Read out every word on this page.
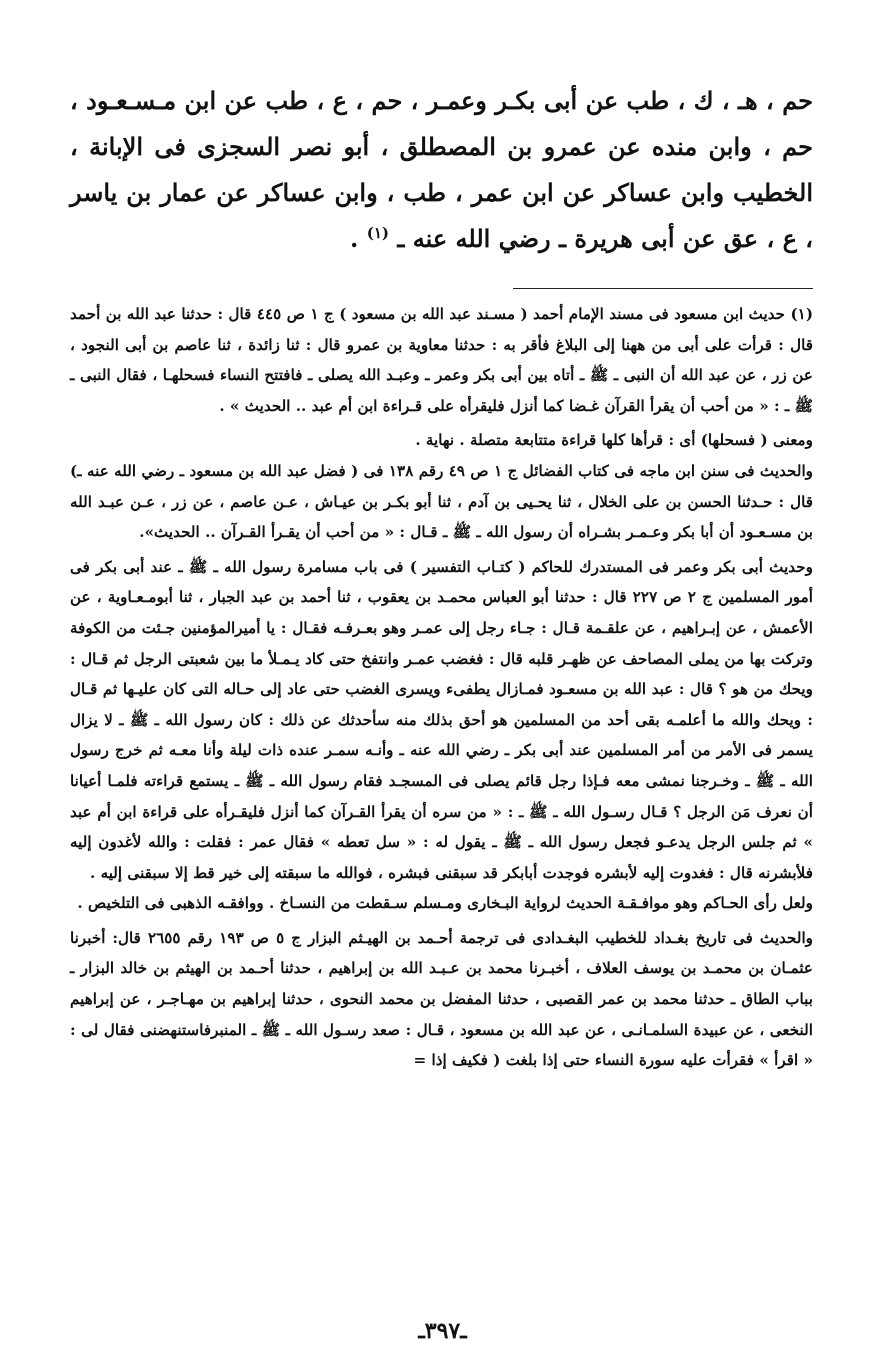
حم ، هـ ، ك ، طب عن أبى بكـر وعمـر ، حم ، ع ، طب عن ابن مـسـعـود ، حم ، وابن منده عن عمرو بن المصطلق ، أبو نصر السجزى فى الإبانة ، الخطيب وابن عساكر عن ابن عمر ، طب ، وابن عساكر عن عمار بن ياسر ، ع ، عق عن أبى هريرة ـ رضي الله عنه ـ $^{(١)}$ .

(١) حديث ابن مسعود فى مسند الإمام أحمد ( مسـند عبد الله بن مسعود ) ج ١ ص ٤٤٥ قال : حدثنا عبد الله بن أحمد قال : قرأت على أبى من ههنا إلى البلاغ فأقر به : حدثنا معاوية بن عمرو قال : ثنا زائدة ، ثنا عاصم بن أبى النجود ، عن زر ، عن عبد الله أن النبى ـ ﷺ ـ أتاه بين أبى بكر وعمر ـ وعبـد الله يصلى ـ فافتتح النساء فسحلهـا ، فقال النبى ـ ﷺ ـ : « من أحب أن يقرأ القرآن غـضا كما أنزل فليقرأه على قـراءة ابن أم عبد .. الحديث » .

ومعنى ( فسحلها) أى : قرأها كلها قراءة متتابعة متصلة . نهاية .

والحديث فى سنن ابن ماجه فى كتاب الفضائل ج ١ ص ٤٩ رقم ١٣٨ فى ( فضل عبد الله بن مسعود ـ رضي الله عنه ـ) قال : حـدثنا الحسن بن على الخلال ، ثنا يحـيى بن آدم ، ثنا أبو بكـر بن عيـاش ، عـن عاصم ، عن زر ، عـن عبـد الله بن مسـعـود أن أبا بكر وعـمـر بشـراه أن رسول الله ـ ﷺ ـ قـال : « من أحب أن يقـرأ القـرآن .. الحديث».

وحديث أبى بكر وعمر فى المستدرك للحاكم ( كتـاب التفسير ) فى باب مسامرة رسول الله ـ ﷺ ـ عند أبى بكر فى أمور المسلمين ج ٢ ص ٢٢٧ قال : حدثنا أبو العباس محمـد بن يعقوب ، ثنا أحمد بن عبد الجبار ، ثنا أبومـعـاوية ، عن الأعمش ، عن إبـراهيم ، عن علقـمة قـال : جـاء رجل إلى عمـر وهو بعـرفـه فقـال : يا أميرالمؤمنين جـئت من الكوفة وتركت بها من يملى المصاحف عن ظهـر قلبه قال : فغضب عمـر وانتفخ حتى كاد يـمـلأ ما بين شعبتى الرجل ثم قـال : ويحك من هو ؟ قال : عبد الله بن مسعـود فمـازال يطفىء ويسرى الغضب حتى عاد إلى حـاله التى كان عليـها ثم قـال : ويحك والله ما أعلمـه بقى أحد من المسلمين هو أحق بذلك منه سأحدثك عن ذلك : كان رسول الله ـ ﷺ ـ لا يزال يسمر فى الأمر من أمر المسلمين عند أبى بكر ـ رضي الله عنه ـ وأنـه سمـر عنده ذات ليلة وأنا معـه ثم خرج رسول الله ـ ﷺ ـ وخـرجنا نمشى معه فـإذا رجل قائم يصلى فى المسجـد فقام رسول الله ـ ﷺ ـ يستمع قراءته فلمـا أعيانا أن نعرف مَن الرجل ؟ قـال رسـول الله ـ ﷺ ـ : « من سره أن يقرأ القـرآن كما أنزل فليقـرأه على قراءة ابن أم عبد » ثم جلس الرجل يدعـو فجعل رسول الله ـ ﷺ ـ يقول له : « سل تعطه » فقال عمر : فقلت : والله لأغدون إليه فلأبشرنه قال : فغدوت إليه لأبشره فوجدت أبابكر قد سبقنى فبشره ، فوالله ما سبقته إلى خير قط إلا سبقنى إليه .

ولعل رأى الحـاكم وهو موافـقـة الحديث لرواية البـخارى ومـسلم سـقطت من النسـاخ . ووافقـه الذهبى فى التلخيص .

والحديث فى تاريخ بغـداد للخطيب البغـدادى فى ترجمة أحـمد بن الهيـثم البزار ج ٥ ص ١٩٣ رقم ٢٦٥٥ قال: أخبرنا عثمـان بن محمـد بن يوسف العلاف ، أخبـرنا محمد بن عـبـد الله بن إبراهيم ، حدثنا أحـمد بن الهيثم بن خالد البزار ـ بباب الطاق ـ حدثنا محمد بن عمر القصبى ، حدثنا المفضل بن محمد النحوى ، حدثنا إبراهيم بن مهـاجـر ، عن إبراهيم النخعى ، عن عبيدة السلمـانـى ، عن عبد الله بن مسعود ، قـال : صعد رسـول الله ـ ﷺ ـ المنبرفاستنهضنى فقال لى : « اقرأ » فقرأت عليه سورة النساء حتى إذا بلغت ( فكيف إذا =

ـ٣٩٧ـ
